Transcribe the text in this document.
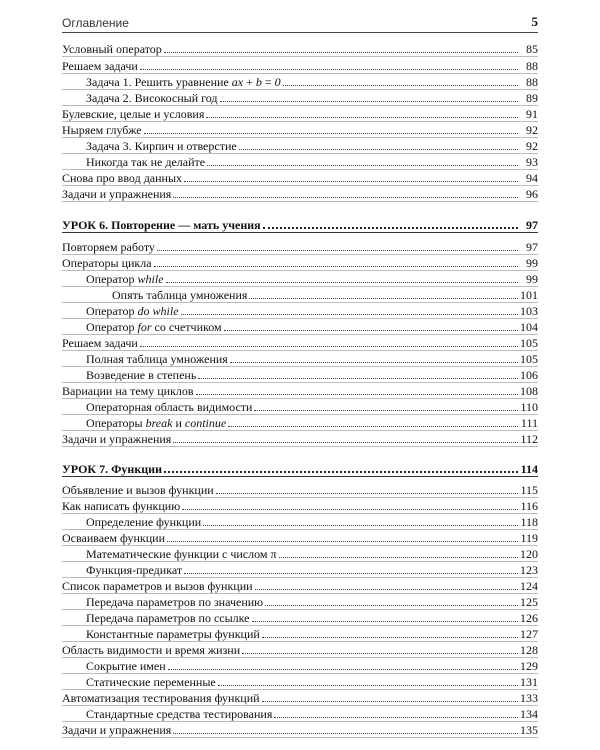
Оглавление	5
Условный оператор	85
Решаем задачи	88
Задача 1. Решить уравнение ax + b = 0	88
Задача 2. Високосный год	89
Булевские, целые и условия	91
Ныряем глубже	92
Задача 3. Кирпич и отверстие	92
Никогда так не делайте	93
Снова про ввод данных	94
Задачи и упражнения	96
УРОК 6. Повторение — мать учения	97
Повторяем работу	97
Операторы цикла	99
Оператор while	99
Опять таблица умножения	101
Оператор do while	103
Оператор for со счетчиком	104
Решаем задачи	105
Полная таблица умножения	105
Возведение в степень	106
Вариации на тему циклов	108
Операторная область видимости	110
Операторы break и continue	111
Задачи и упражнения	112
УРОК 7. Функции	114
Объявление и вызов функции	115
Как написать функцию	116
Определение функции	118
Осваиваем функции	119
Математические функции с числом π	120
Функция-предикат	123
Список параметров и вызов функции	124
Передача параметров по значению	125
Передача параметров по ссылке	126
Константные параметры функций	127
Область видимости и время жизни	128
Сокрытие имен	129
Статические переменные	131
Автоматизация тестирования функций	133
Стандартные средства тестирования	134
Задачи и упражнения	135
